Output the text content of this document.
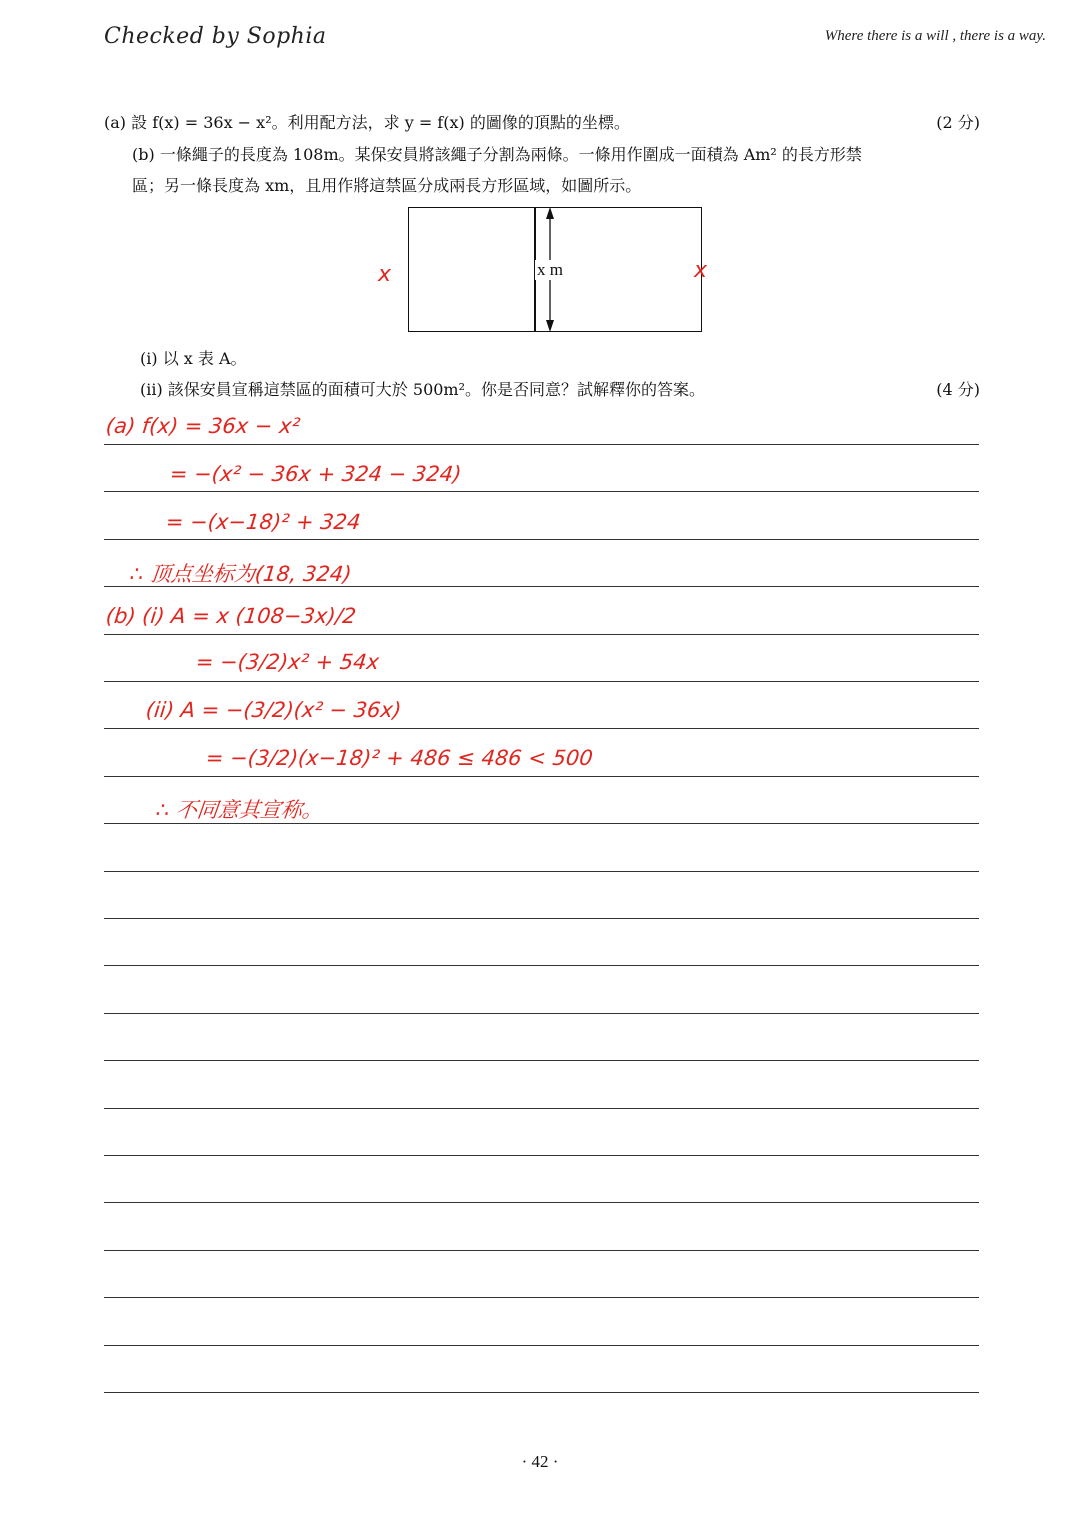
Checked by Sophia	Where there is a will , there is a way.
(a) 設 f(x) = 36x − x²。利用配方法，求 y = f(x) 的圖像的頂點的坐標。	(2 分)
(b) 一條繩子的長度為 108m。某保安員將該繩子分割為兩條。一條用作圍成一面積為 Am² 的長方形禁
區；另一條長度為 xm，且用作將這禁區分成兩長方形區域，如圖所示。
x m
x	x
(i) 以 x 表 A。
(ii) 該保安員宣稱這禁區的面積可大於 500m²。你是否同意？試解釋你的答案。	(4 分)
(a) f(x) = 36x − x²
= −(x² − 36x + 324 − 324)
= −(x−18)² + 324
∴ 顶点坐标为(18, 324)
(b) (i) A = x (108−3x)/2
= −(3/2)x² + 54x
(ii) A = −(3/2)(x² − 36x)
= −(3/2)(x−18)² + 486 ≤ 486 < 500
∴ 不同意其宣称。
· 42 ·
